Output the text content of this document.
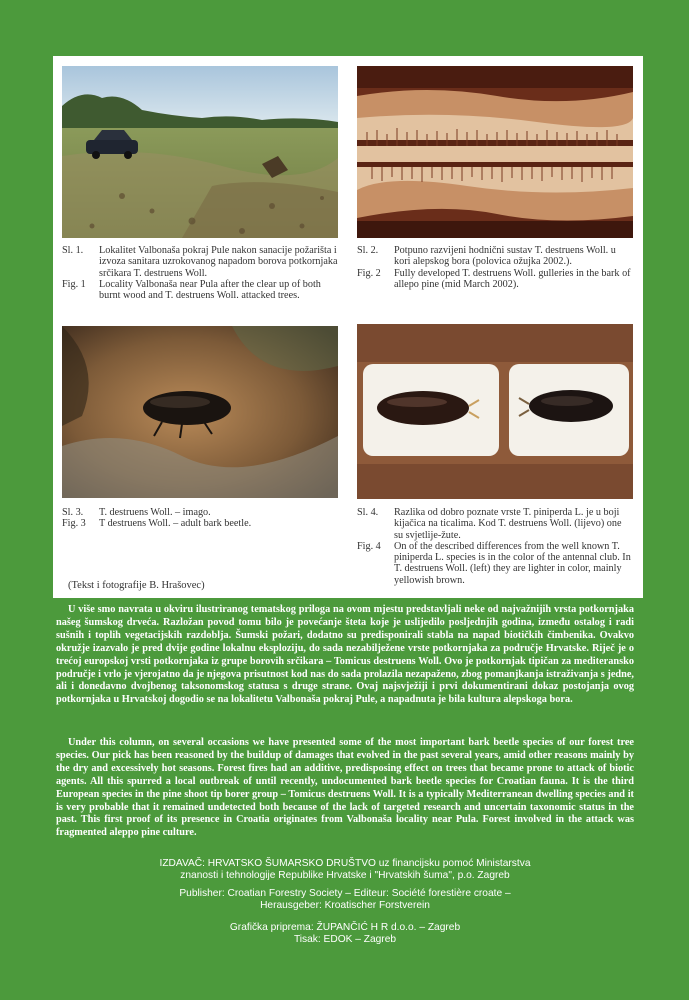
Sl. 1.	Lokalitet Valbonaša pokraj Pule nakon sanacije požarišta i izvoza sanitara uzrokovanog napadom borova potkornjaka srčikara T. destruens Woll.
Fig. 1	Locality Valbonaša near Pula after the clear up of both burnt wood and T. destruens Woll. attacked trees.
Sl. 2.	Potpuno razvijeni hodnični sustav T. destruens Woll. u kori alepskog bora (polovica ožujka 2002.).
Fig. 2	Fully developed T. destruens Woll. gulleries in the bark of allepo pine (mid March 2002).
Sl. 3.	T. destruens Woll. – imago.
Fig. 3	T destruens Woll. – adult bark beetle.
Sl. 4.	Razlika od dobro poznate vrste T. piniperda L. je u boji kijačica na ticalima. Kod T. destruens Woll. (lijevo) one su svjetlije-žute.
Fig. 4	On of the described differences from the well known T. piniperda L. species is in the color of the antennal club. In T. destruens Woll. (left) they are lighter in color, mainly yellowish brown.
(Tekst i fotografije B. Hrašovec)

U više smo navrata u okviru ilustriranog tematskog priloga na ovom mjestu predstavljali neke od najvažnijih vrsta potkornjaka našeg šumskog drveća. Razložan povod tomu bilo je povećanje šteta koje je uslijedilo posljednjih godina, između ostalog i radi sušnih i toplih vegetacijskih razdoblja. Šumski požari, dodatno su predisponirali stabla na napad biotičkih čimbenika. Ovakvo okružje izazvalo je pred dvije godine lokalnu eksploziju, do sada nezabilježene vrste potkornjaka za područje Hrvatske. Riječ je o trećoj europskoj vrsti potkornjaka iz grupe borovih srčikara – Tomicus destruens Woll. Ovo je potkornjak tipičan za mediteransko područje i vrlo je vjerojatno da je njegova prisutnost kod nas do sada prolazila nezapaženo, zbog pomanjkanja istraživanja s jedne, ali i donedavno dvojbenog taksonomskog statusa s druge strane. Ovaj najsvježiji i prvi dokumentirani dokaz postojanja ovog potkornjaka u Hrvatskoj dogodio se na lokalitetu Valbonaša pokraj Pule, a napadnuta je bila kultura alepskoga bora.

Under this column, on several occasions we have presented some of the most important bark beetle species of our forest tree species. Our pick has been reasoned by the buildup of damages that evolved in the past several years, amid other reasons mainly by the dry and excessively hot seasons. Forest fires had an additive, predisposing effect on trees that became prone to attack of biotic agents. All this spurred a local outbreak of until recently, undocumented bark beetle species for Croatian fauna. It is the third European species in the pine shoot tip borer group – Tomicus destruens Woll. It is a typically Mediterranean dwelling species and it is very probable that it remained undetected both because of the lack of targeted research and uncertain taxonomic status in the past. This first proof of its presence in Croatia originates from Valbonaša locality near Pula. Forest involved in the attack was fragmented aleppo pine culture.

IZDAVAČ: HRVATSKO ŠUMARSKO DRUŠTVO uz financijsku pomoć Ministarstva
znanosti i tehnologije Republike Hrvatske i "Hrvatskih šuma", p.o. Zagreb
Publisher: Croatian Forestry Society – Editeur: Société forestière croate –
Herausgeber: Kroatischer Forstverein
Grafička priprema: ŽUPANČIĆ H R d.o.o. – Zagreb
Tisak: EDOK – Zagreb
